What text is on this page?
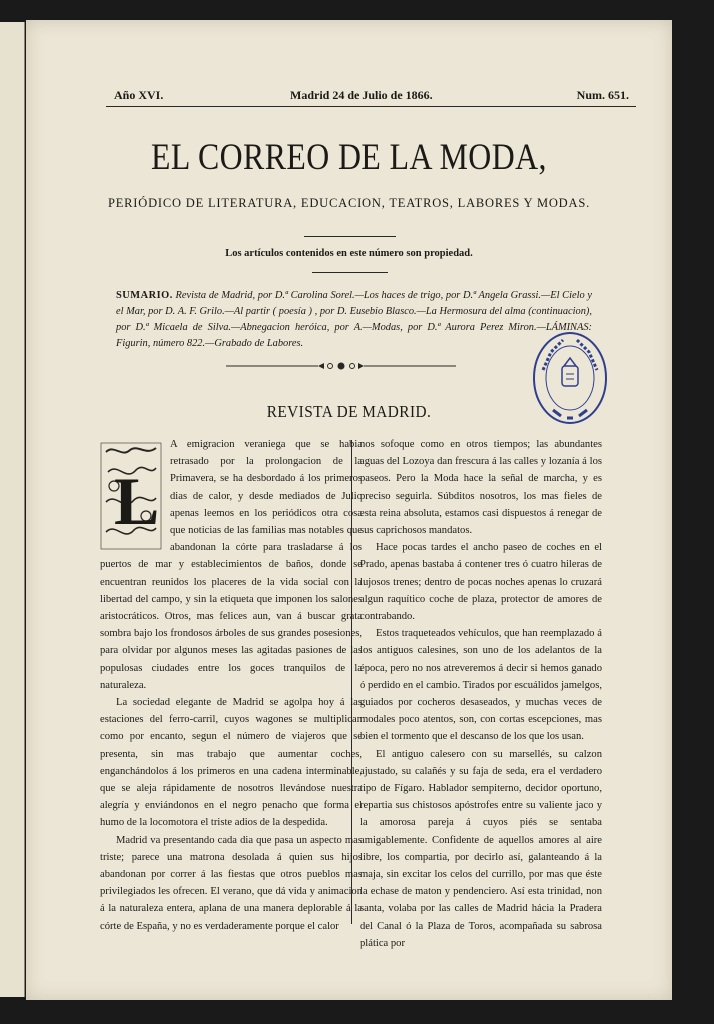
Año XVI.	Madrid 24 de Julio de 1866.	Num. 651.
EL CORREO DE LA MODA,
PERIÓDICO DE LITERATURA, EDUCACION, TEATROS, LABORES Y MODAS.
Los artículos contenidos en este número son propiedad.
SUMARIO. Revista de Madrid, por D.ª Carolina Sorel.—Los haces de trigo, por D.ª Angela Grassi.—El Cielo y el Mar, por D. A. F. Grilo.—Al partir ( poesía ) , por D. Eusebio Blasco.—La Hermosura del alma (continuacion), por D.ª Micaela de Silva.—Abnegacion heróica, por A.—Modas, por D.ª Aurora Perez Miron.—LÁMINAS: Figurin, número 822.—Grabado de Labores.
REVISTA DE MADRID.
L

A emigracion veraniega que se habia retrasado por la prolongacion de la Primavera, se ha desbordado á los primeros dias de calor, y desde mediados de Julio apenas leemos en los periódicos otra cosa que noticias de las familias mas notables que abandonan la córte para trasladarse á los puertos de mar y establecimientos de baños, donde se encuentran reunidos los placeres de la vida social con la libertad del campo, y sin la etiqueta que imponen los salones aristocráticos. Otros, mas felices aun, van á buscar grata sombra bajo los frondosos árboles de sus grandes posesiones, para olvidar por algunos meses las agitadas pasiones de las populosas ciudades entre los goces tranquilos de la naturaleza.

La sociedad elegante de Madrid se agolpa hoy á las estaciones del ferro-carril, cuyos wagones se multiplican como por encanto, segun el número de viajeros que se presenta, sin mas trabajo que aumentar coches, enganchándolos á los primeros en una cadena interminable, que se aleja rápidamente de nosotros llevándose nuestra alegría y enviándonos en el negro penacho que forma el humo de la locomotora el triste adios de la despedida.

Madrid va presentando cada dia que pasa un aspecto mas triste; parece una matrona desolada á quien sus hijos abandonan por correr á las fiestas que otros pueblos mas privilegiados les ofrecen. El verano, que dá vida y animacion á la naturaleza entera, aplana de una manera deplorable á la córte de España, y no es verdaderamente porque el calor

nos sofoque como en otros tiempos; las abundantes aguas del Lozoya dan frescura á las calles y lozanía á los paseos. Pero la Moda hace la señal de marcha, y es preciso seguirla. Súbditos nosotros, los mas fieles de esta reina absoluta, estamos casi dispuestos á renegar de sus caprichosos mandatos.

Hace pocas tardes el ancho paseo de coches en el Prado, apenas bastaba á contener tres ó cuatro hileras de lujosos trenes; dentro de pocas noches apenas lo cruzará algun raquítico coche de plaza, protector de amores de contrabando.

Estos traqueteados vehículos, que han reemplazado á los antiguos calesines, son uno de los adelantos de la época, pero no nos atreveremos á decir si hemos ganado ó perdido en el cambio. Tirados por escuálidos jamelgos, guiados por cocheros desaseados, y muchas veces de modales poco atentos, son, con cortas escepciones, mas bien el tormento que el descanso de los que los usan.

El antiguo calesero con su marsellés, su calzon ajustado, su calañés y su faja de seda, era el verdadero tipo de Fígaro. Hablador sempiterno, decidor oportuno, repartia sus chistosos apóstrofes entre su valiente jaco y la amorosa pareja á cuyos piés se sentaba amigablemente. Confidente de aquellos amores al aire libre, los compartia, por decirlo así, galanteando á la maja, sin excitar los celos del currillo, por mas que éste la echase de maton y pendenciero. Así esta trinidad, non santa, volaba por las calles de Madrid hácia la Pradera del Canal ó la Plaza de Toros, acompañada su sabrosa plática por
